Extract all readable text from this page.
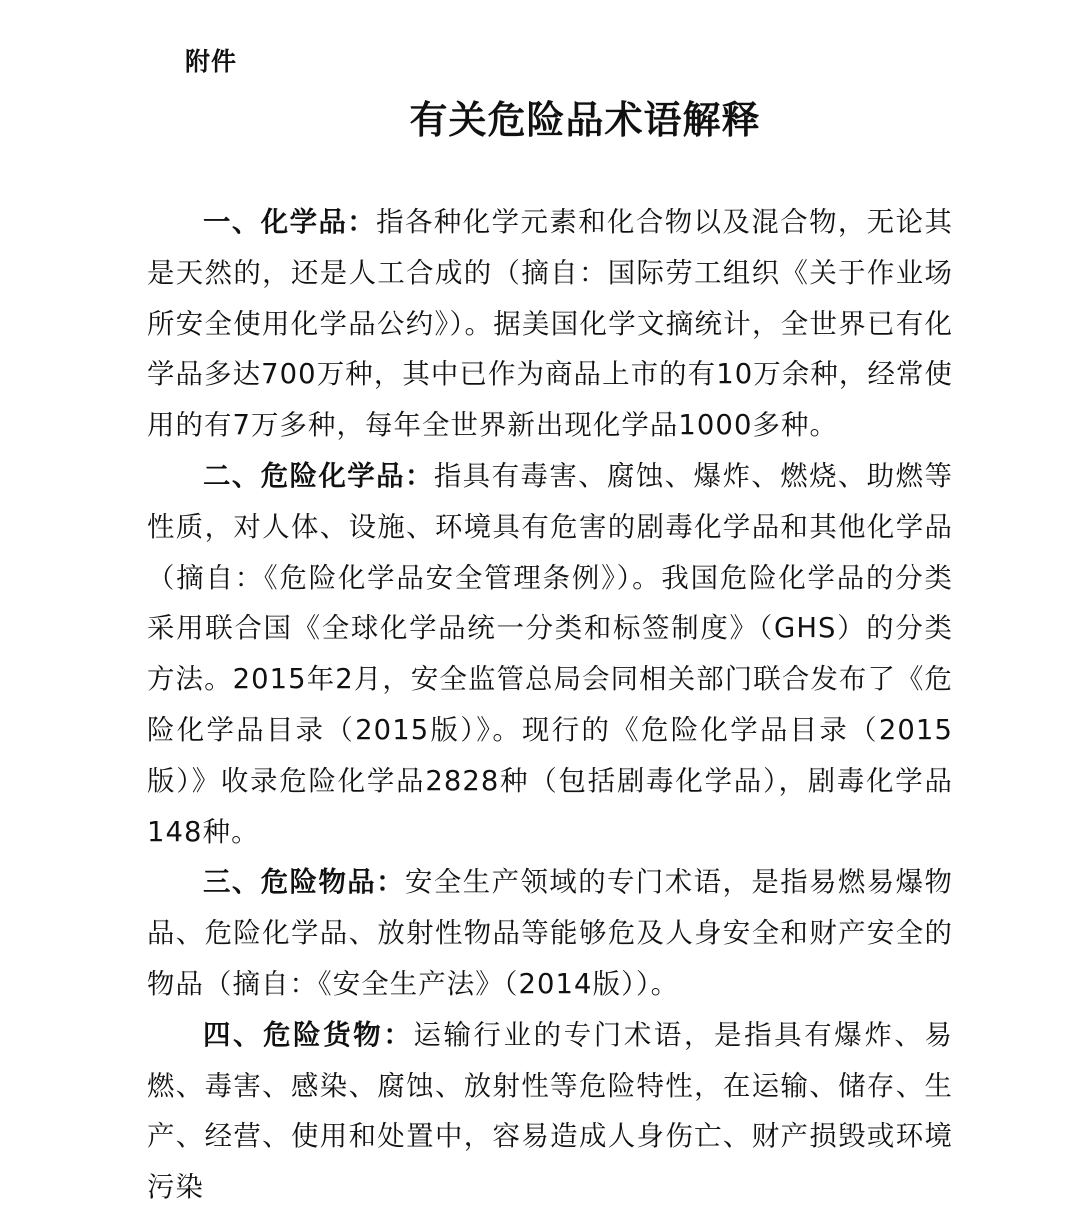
附件
有关危险品术语解释

一、化学品：指各种化学元素和化合物以及混合物，无论其是天然的，还是人工合成的（摘自：国际劳工组织《关于作业场所安全使用化学品公约》）。据美国化学文摘统计，全世界已有化学品多达700万种，其中已作为商品上市的有10万余种，经常使用的有7万多种，每年全世界新出现化学品1000多种。

二、危险化学品：指具有毒害、腐蚀、爆炸、燃烧、助燃等性质，对人体、设施、环境具有危害的剧毒化学品和其他化学品（摘自：《危险化学品安全管理条例》）。我国危险化学品的分类采用联合国《全球化学品统一分类和标签制度》（GHS）的分类方法。2015年2月，安全监管总局会同相关部门联合发布了《危险化学品目录（2015版）》。现行的《危险化学品目录（2015版）》收录危险化学品2828种（包括剧毒化学品），剧毒化学品 148种。

三、危险物品：安全生产领域的专门术语，是指易燃易爆物品、危险化学品、放射性物品等能够危及人身安全和财产安全的物品（摘自：《安全生产法》（2014版））。

四、危险货物：运输行业的专门术语，是指具有爆炸、易燃、毒害、感染、腐蚀、放射性等危险特性，在运输、储存、生产、经营、使用和处置中，容易造成人身伤亡、财产损毁或环境污染
